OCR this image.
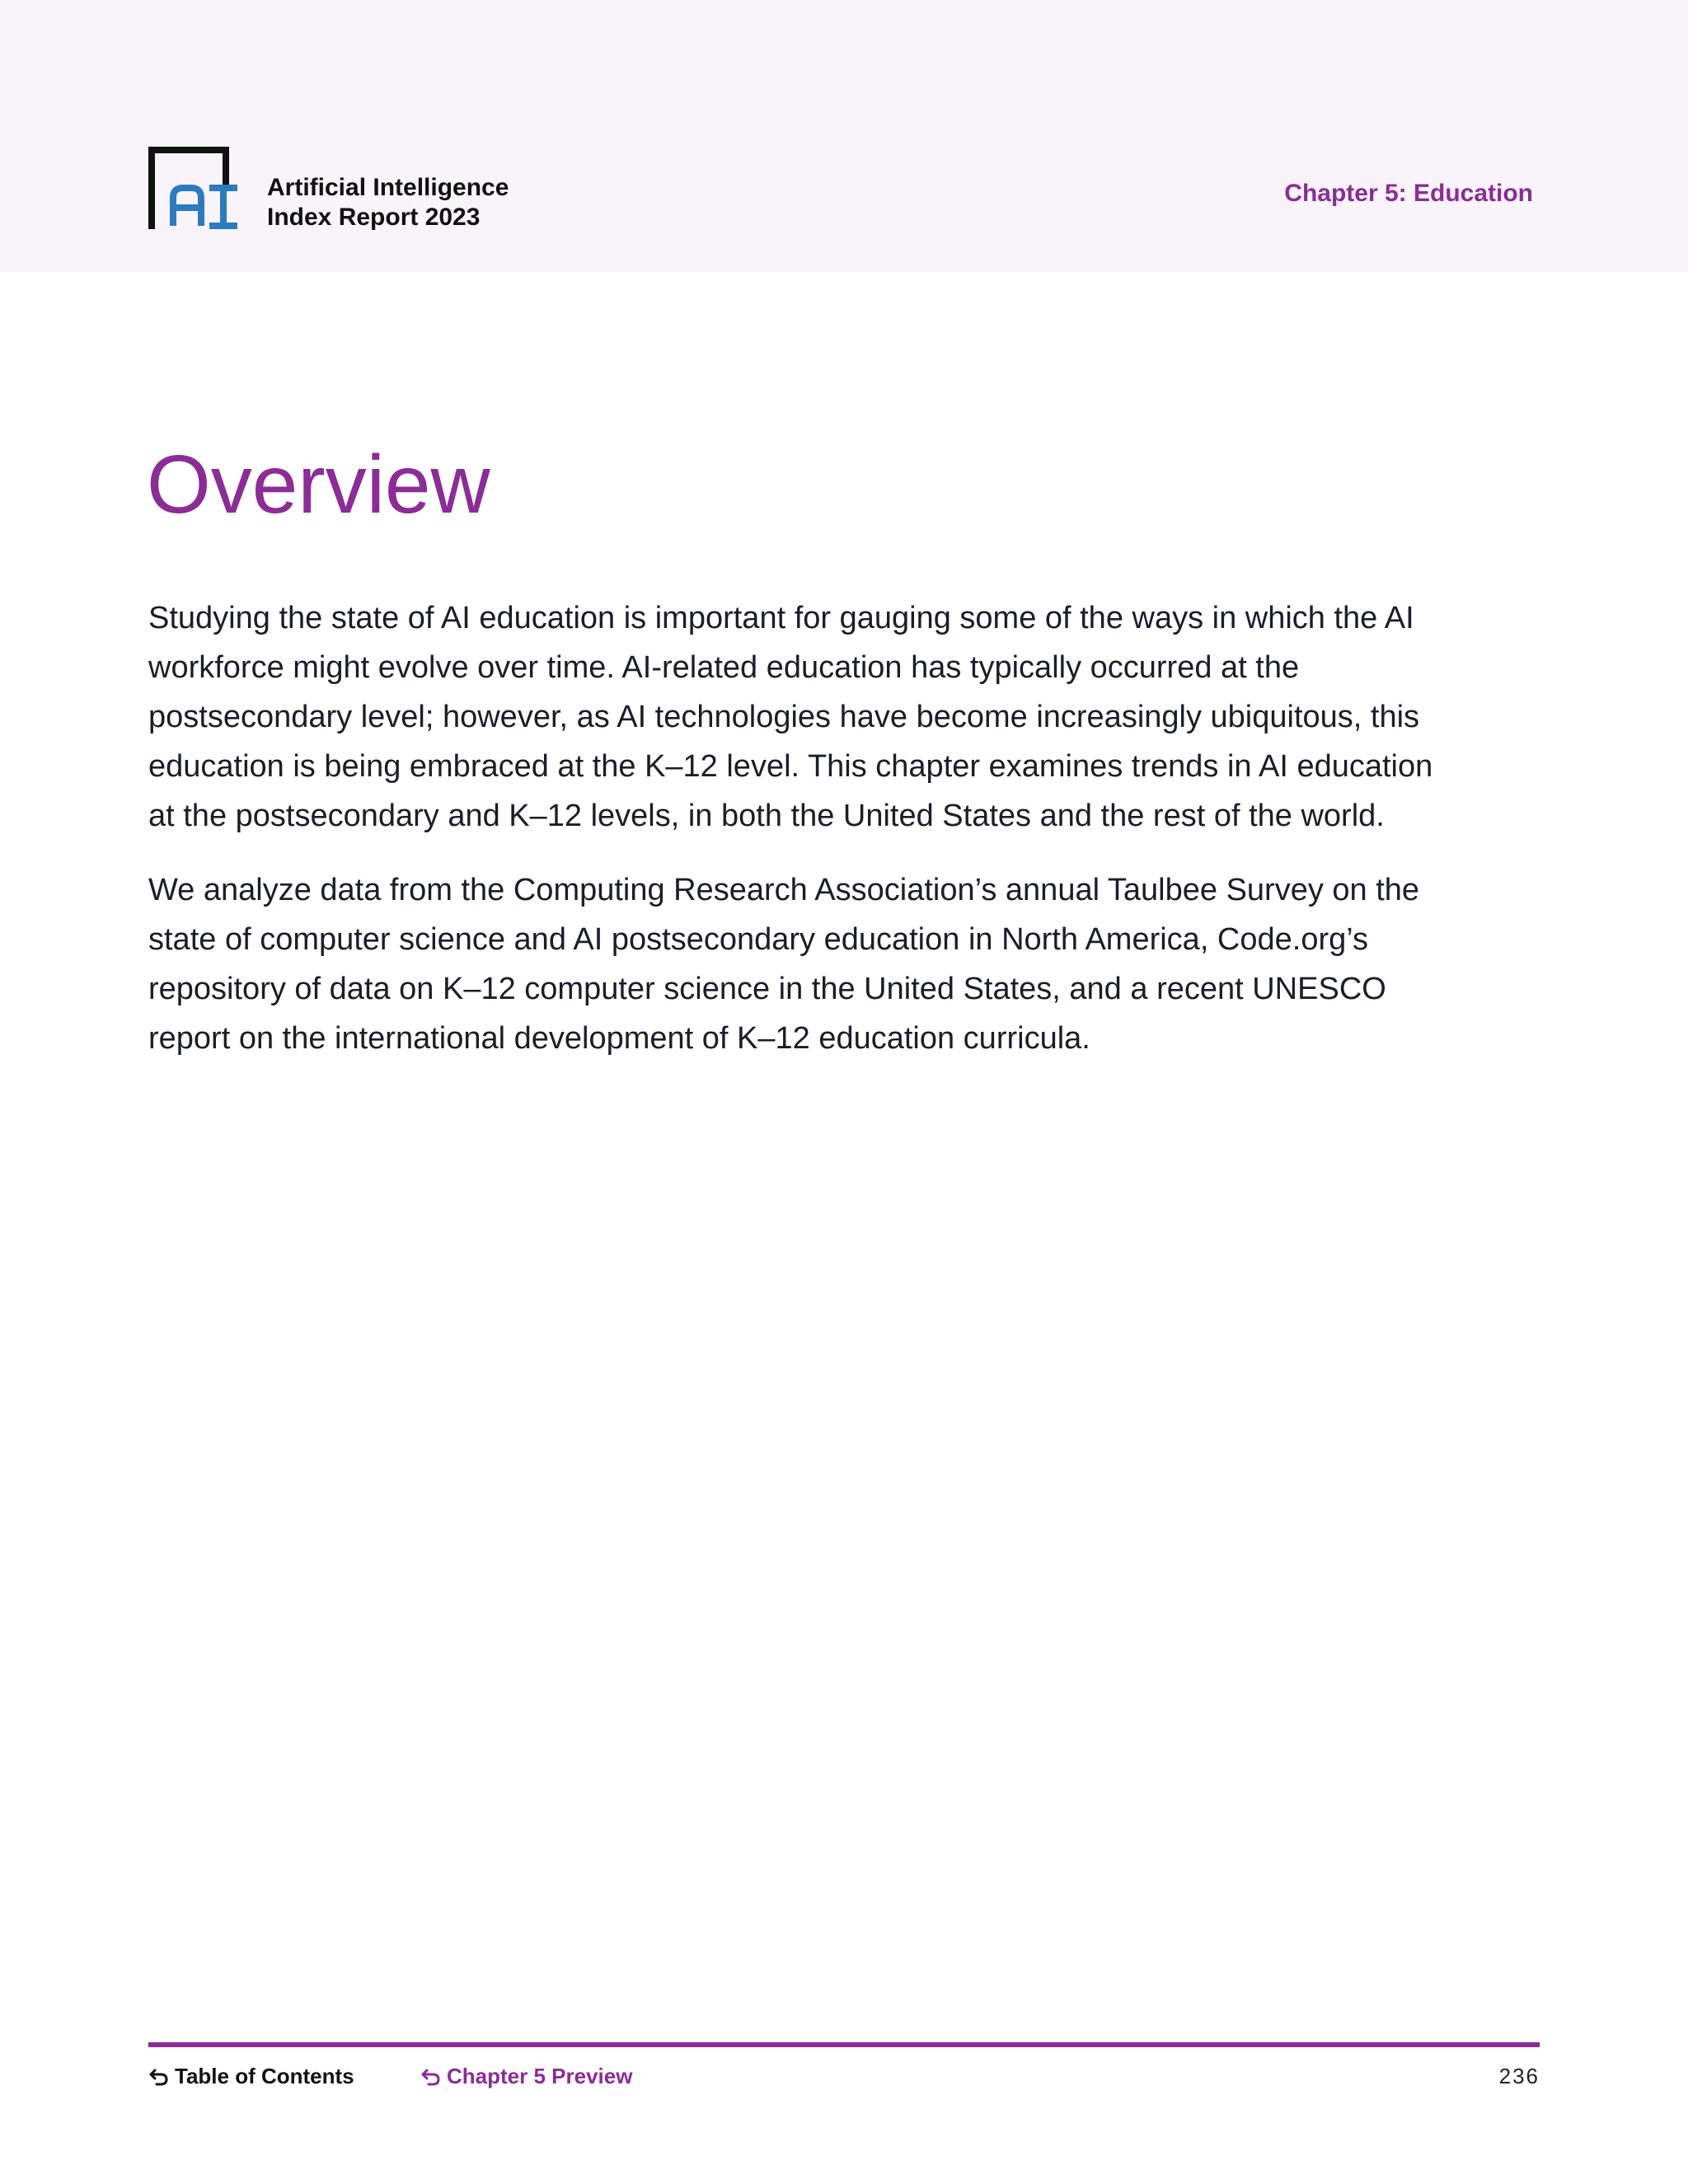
Artificial Intelligence
Index Report 2023
Chapter 5: Education
Overview

Studying the state of AI education is important for gauging some of the ways in which the AI workforce might evolve over time. AI-related education has typically occurred at the postsecondary level; however, as AI technologies have become increasingly ubiquitous, this education is being embraced at the K–12 level. This chapter examines trends in AI education at the postsecondary and K–12 levels, in both the United States and the rest of the world.

We analyze data from the Computing Research Association’s annual Taulbee Survey on the state of computer science and AI postsecondary education in North America, Code.org’s repository of data on K–12 computer science in the United States, and a recent UNESCO report on the international development of K–12 education curricula.

Table of Contents	Chapter 5 Preview	236
